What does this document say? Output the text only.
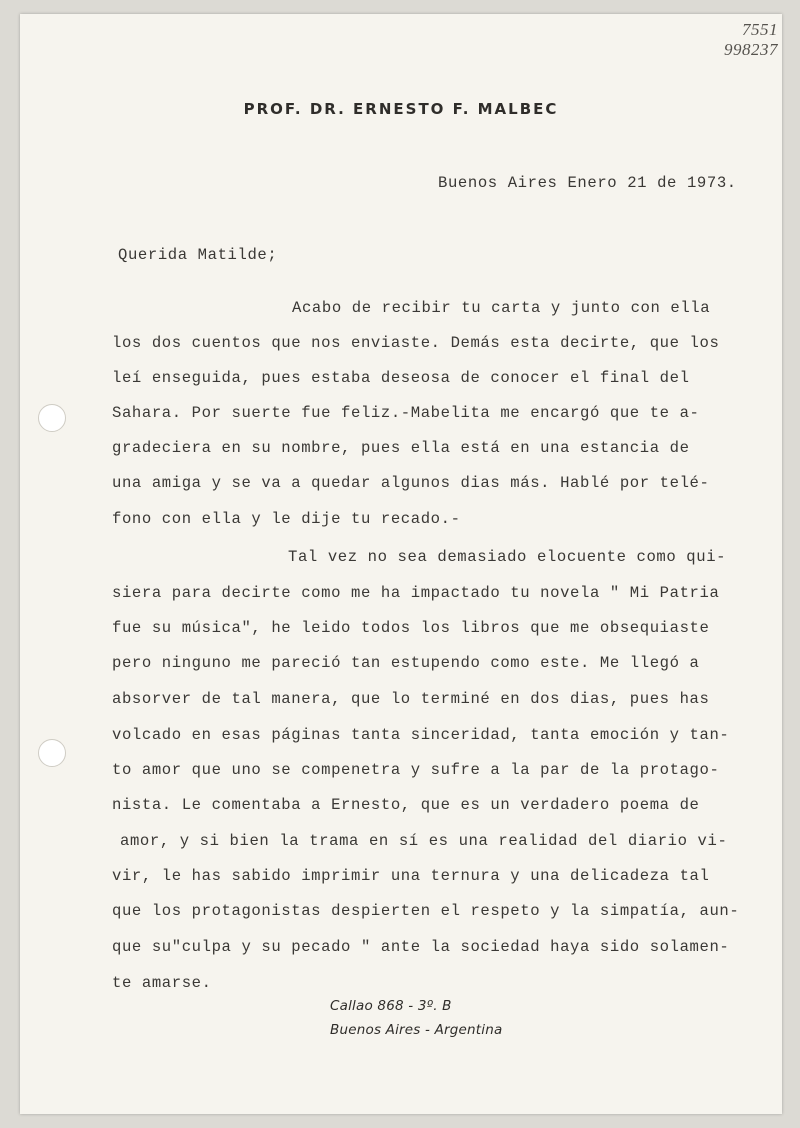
7551
998237
PROF. DR. ERNESTO F. MALBEC
Buenos Aires Enero 21 de 1973.
Querida Matilde;
Acabo de recibir tu carta y junto con ella
los dos cuentos que nos enviaste. Demás esta decirte, que los
leí enseguida, pues estaba deseosa de conocer el final del
Sahara. Por suerte fue feliz.-Mabelita me encargó que te a-
gradeciera en su nombre, pues ella está en una estancia de
una amiga y se va a quedar algunos dias más. Hablé por telé-
fono con ella y le dije tu recado.-
Tal vez no sea demasiado elocuente como qui-
siera para decirte como me ha impactado tu novela " Mi Patria
fue su música", he leido todos los libros que me obsequiaste
pero ninguno me pareció tan estupendo como este. Me llegó a
absorver de tal manera, que lo terminé en dos dias, pues has
volcado en esas páginas tanta sinceridad, tanta emoción y tan-
to amor que uno se compenetra y sufre a la par de la protago-
nista. Le comentaba a Ernesto, que es un verdadero poema de
amor, y si bien la trama en sí es una realidad del diario vi-
vir, le has sabido imprimir una ternura y una delicadeza tal
que los protagonistas despierten el respeto y la simpatía, aun-
que su"culpa y su pecado " ante la sociedad haya sido solamen-
te amarse.
Callao 868 - 3º. B
Buenos Aires - Argentina
